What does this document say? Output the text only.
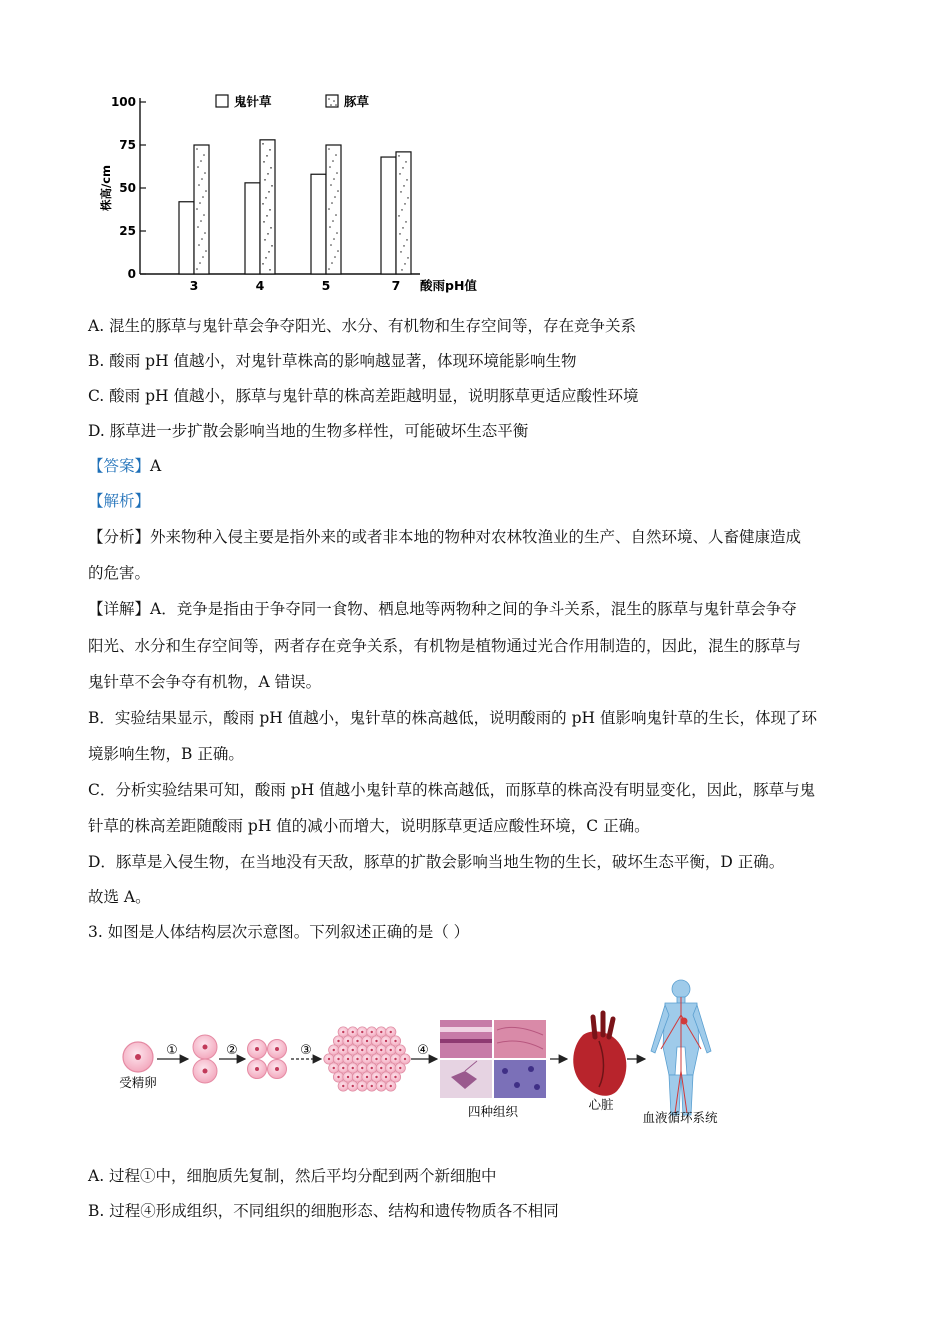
0
25
50
75
100
株高/cm
酸雨pH值
3	4	5	7
鬼针草	豚草
A. 混生的豚草与鬼针草会争夺阳光、水分、有机物和生存空间等，存在竞争关系
B. 酸雨 pH 值越小，对鬼针草株高的影响越显著，体现环境能影响生物
C. 酸雨 pH 值越小，豚草与鬼针草的株高差距越明显，说明豚草更适应酸性环境
D. 豚草进一步扩散会影响当地的生物多样性，可能破坏生态平衡
【答案】A
【解析】
【分析】外来物种入侵主要是指外来的或者非本地的物种对农林牧渔业的生产、自然环境、人畜健康造成
的危害。
【详解】A．竞争是指由于争夺同一食物、栖息地等两物种之间的争斗关系，混生的豚草与鬼针草会争夺
阳光、水分和生存空间等，两者存在竞争关系，有机物是植物通过光合作用制造的，因此，混生的豚草与
鬼针草不会争夺有机物，A 错误。
B．实验结果显示，酸雨 pH 值越小，鬼针草的株高越低，说明酸雨的 pH 值影响鬼针草的生长，体现了环
境影响生物，B 正确。
C．分析实验结果可知，酸雨 pH 值越小鬼针草的株高越低，而豚草的株高没有明显变化，因此，豚草与鬼
针草的株高差距随酸雨 pH 值的减小而增大，说明豚草更适应酸性环境，C 正确。
D．豚草是入侵生物，在当地没有天敌，豚草的扩散会影响当地生物的生长，破坏生态平衡，D 正确。
故选 A。
3. 如图是人体结构层次示意图。下列叙述正确的是（ ）
受精卵
①	②	③	④
四种组织	心脏
血液循环系统
A. 过程①中，细胞质先复制，然后平均分配到两个新细胞中
B. 过程④形成组织，不同组织的细胞形态、结构和遗传物质各不相同
